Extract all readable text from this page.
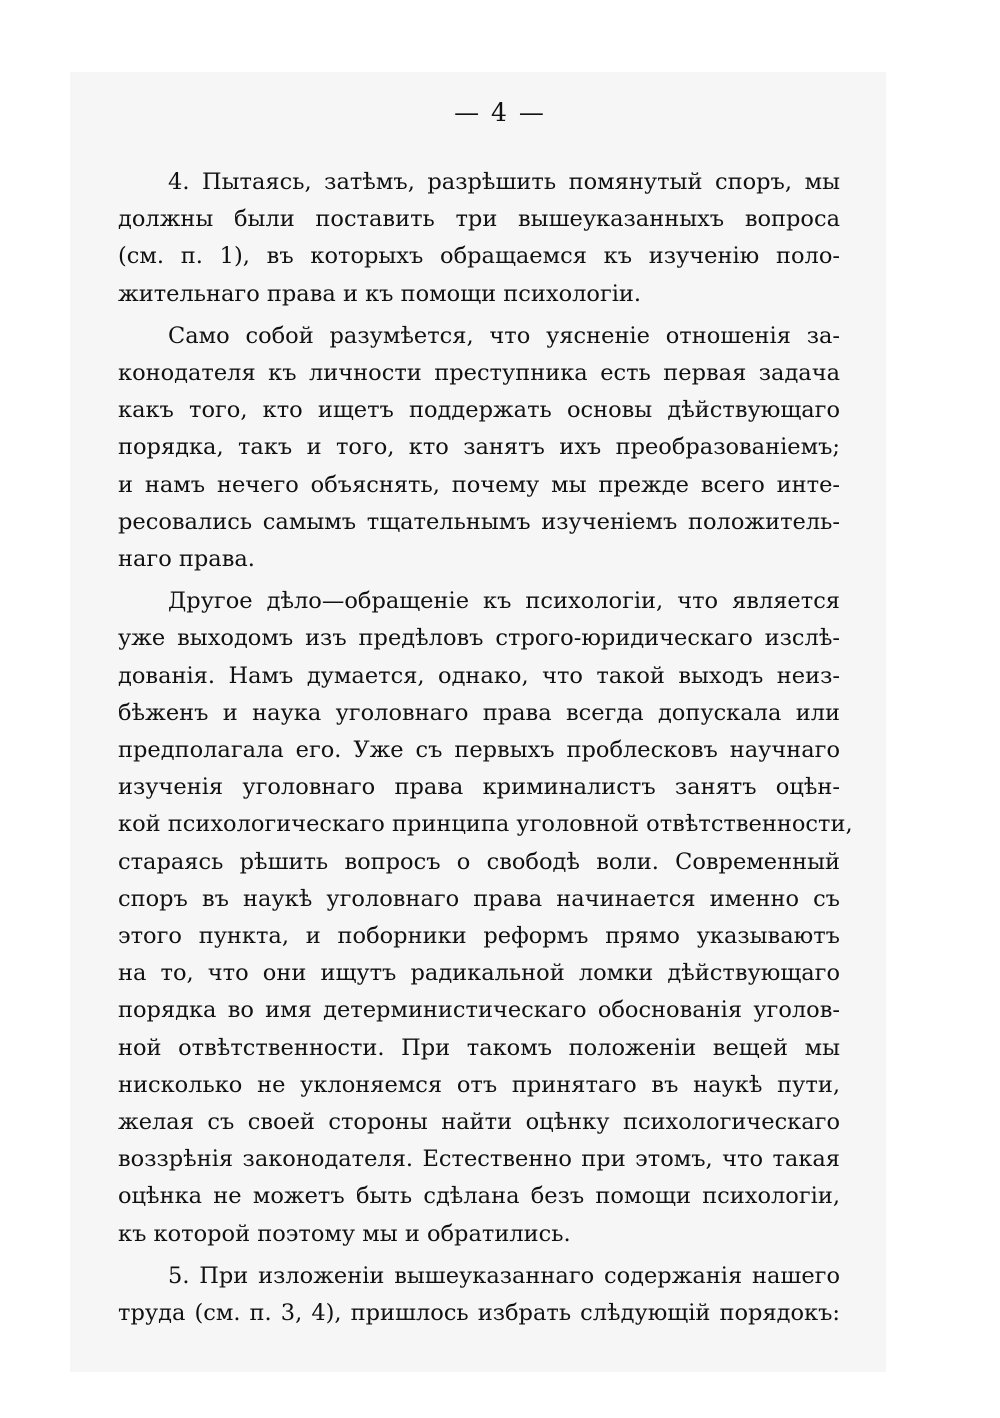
— 4 —
4. Пытаясь, затѣмъ, разрѣшить помянутый споръ, мы
должны были поставить три вышеуказанныхъ вопроса
(см. п. 1), въ которыхъ обращаемся къ изученію поло-
жительнаго права и къ помощи психологіи.
Само собой разумѣется, что уясненіе отношенія за-
конодателя къ личности преступника есть первая задача
какъ того, кто ищетъ поддержать основы дѣйствующаго
порядка, такъ и того, кто занятъ ихъ преобразованіемъ;
и намъ нечего объяснять, почему мы прежде всего инте-
ресовались самымъ тщательнымъ изученіемъ положитель-
наго права.
Другое дѣло—обращеніе къ психологіи, что является
уже выходомъ изъ предѣловъ строго-юридическаго изслѣ-
дованія. Намъ думается, однако, что такой выходъ неиз-
бѣженъ и наука уголовнаго права всегда допускала или
предполагала его. Уже съ первыхъ проблесковъ научнаго
изученія уголовнаго права криминалистъ занятъ оцѣн-
кой психологическаго принципа уголовной отвѣтственности,
стараясь рѣшить вопросъ о свободѣ воли. Современный
споръ въ наукѣ уголовнаго права начинается именно съ
этого пункта, и поборники реформъ прямо указываютъ
на то, что они ищутъ радикальной ломки дѣйствующаго
порядка во имя детерминистическаго обоснованія уголов-
ной отвѣтственности. При такомъ положеніи вещей мы
нисколько не уклоняемся отъ принятаго въ наукѣ пути,
желая съ своей стороны найти оцѣнку психологическаго
воззрѣнія законодателя. Естественно при этомъ, что такая
оцѣнка не можетъ быть сдѣлана безъ помощи психологіи,
къ которой поэтому мы и обратились.
5. При изложеніи вышеуказаннаго содержанія нашего
труда (см. п. 3, 4), пришлось избрать слѣдующій порядокъ:
